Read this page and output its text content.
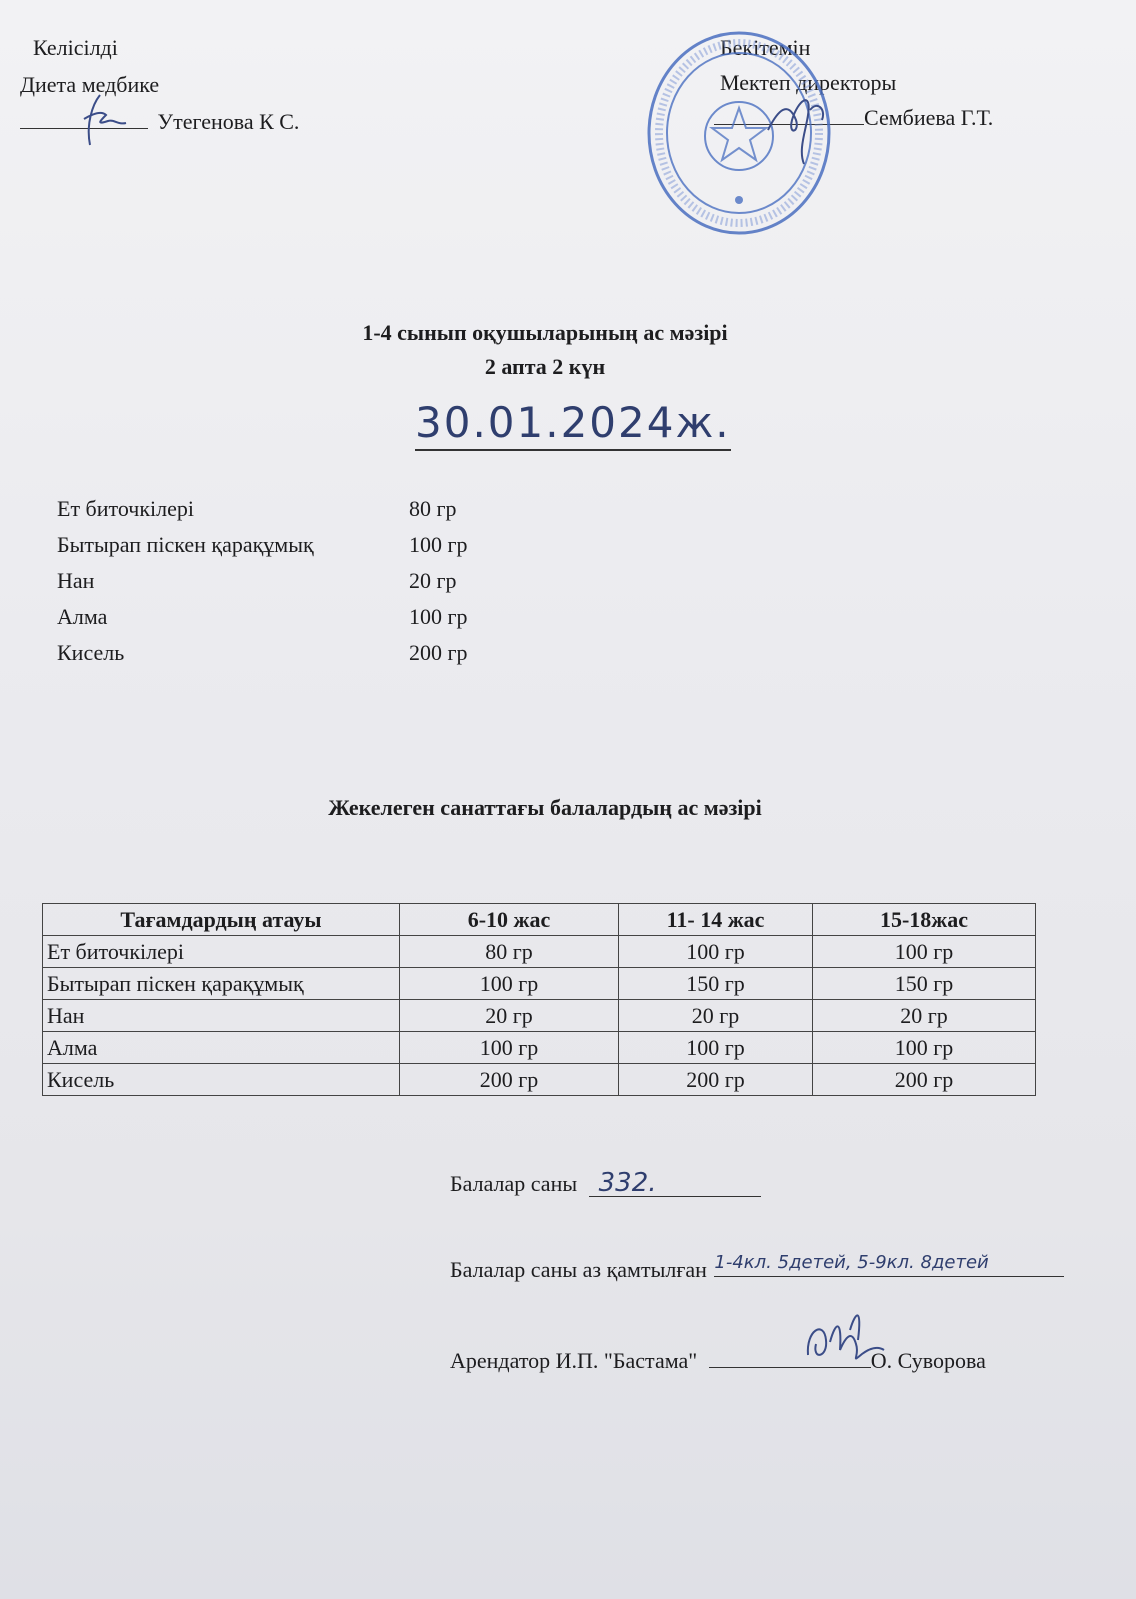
Келісілді
Диета медбике
Утегенова К С.
Бекітемін
Мектеп директоры
Сембиева Г.Т.
1-4 сынып оқушыларының ас мәзірі
2 апта 2 күн
30.01.2024ж.
Ет биточкілері	80 гр
Бытырап піскен қарақұмық	100 гр
Нан	20 гр
Алма	100 гр
Кисель	200 гр
Жекелеген санаттағы балалардың ас мәзірі
Тағамдардың атауы	6-10 жас	11- 14 жас	15-18жас
Ет биточкілері	80 гр	100 гр	100 гр
Бытырап піскен қарақұмық	100 гр	150 гр	150 гр
Нан	20 гр	20 гр	20 гр
Алма	100 гр	100 гр	100 гр
Кисель	200 гр	200 гр	200 гр
Балалар саны 332.
Балалар саны аз қамтылған 1-4кл. 5детей, 5-9кл. 8детей
Арендатор И.П. "Бастама"	О. Суворова
